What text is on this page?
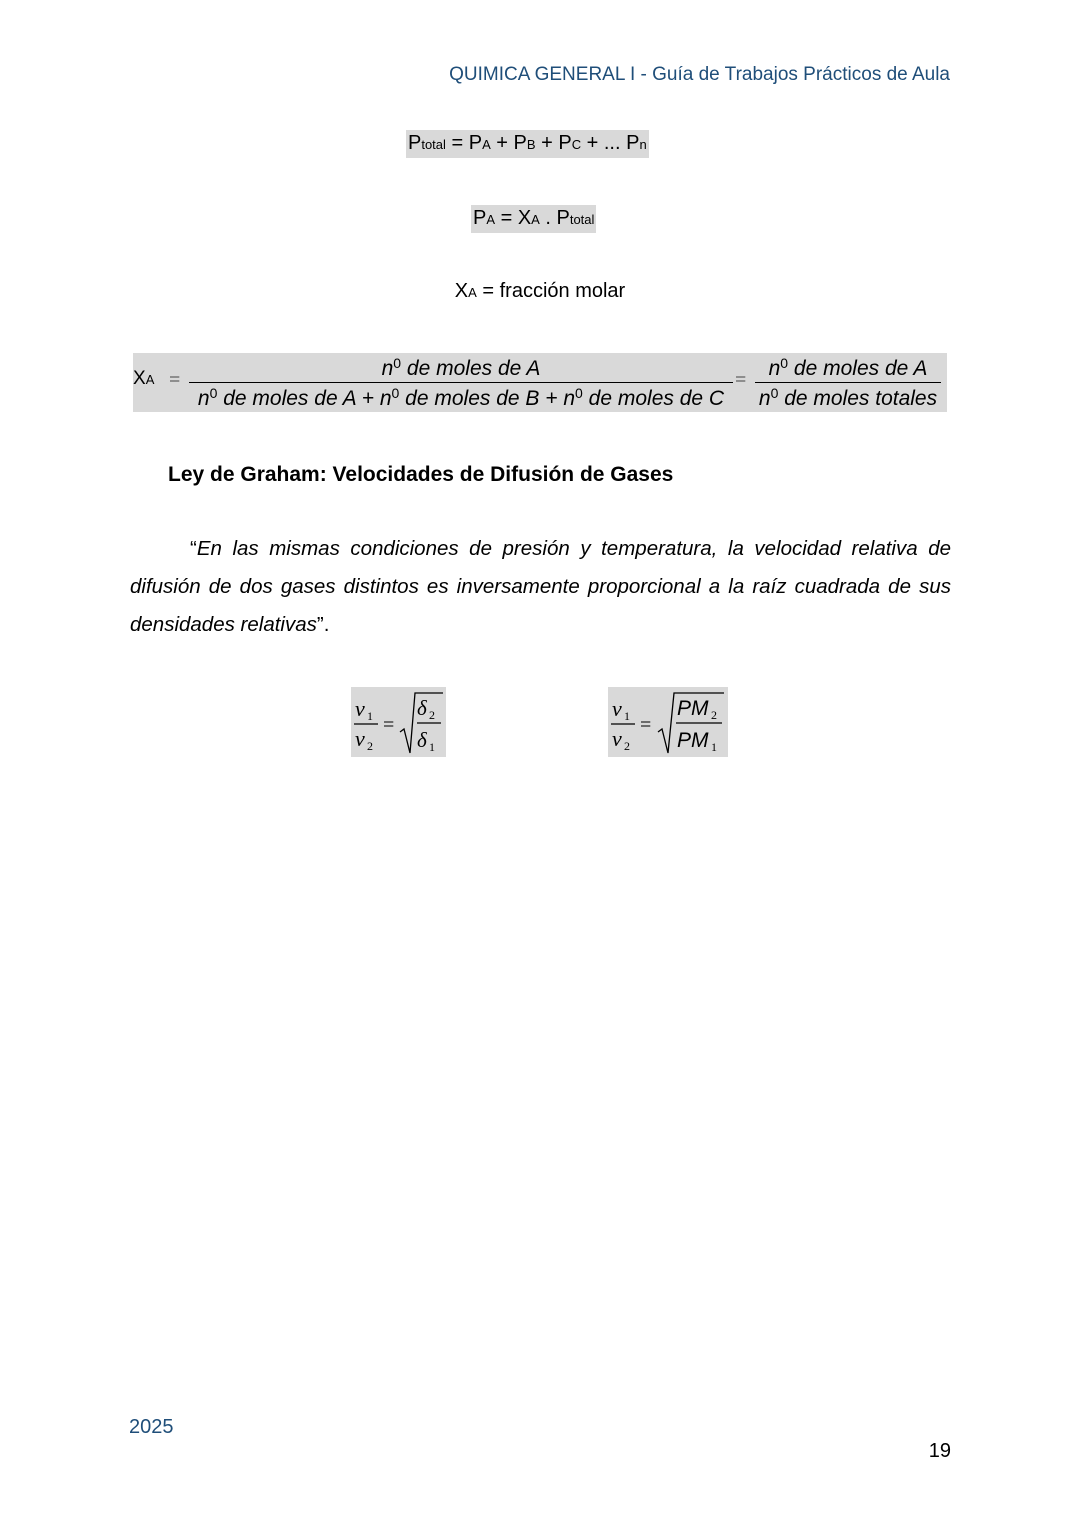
QUIMICA GENERAL I - Guía de Trabajos Prácticos de Aula
Ptotal = PA + PB + PC + ... Pn
PA = XA . Ptotal
XA = fracción molar
XA =	$n^0$ de moles de A
$n^0$ de moles de $A + n^0$ de moles de $B + n^0$ de moles de C
=	$n^0$ de moles de A
$n^0$ de moles totales
Ley de Graham: Velocidades de Difusión de Gases
“En las mismas condiciones de presión y temperatura, la velocidad relativa de difusión de dos gases distintos es inversamente proporcional a la raíz cuadrada de sus densidades relativas”.
ν 1
ν 2
=
δ 2
δ 1
ν 1
ν 2
=
PM 2
PM 1
2025
19
